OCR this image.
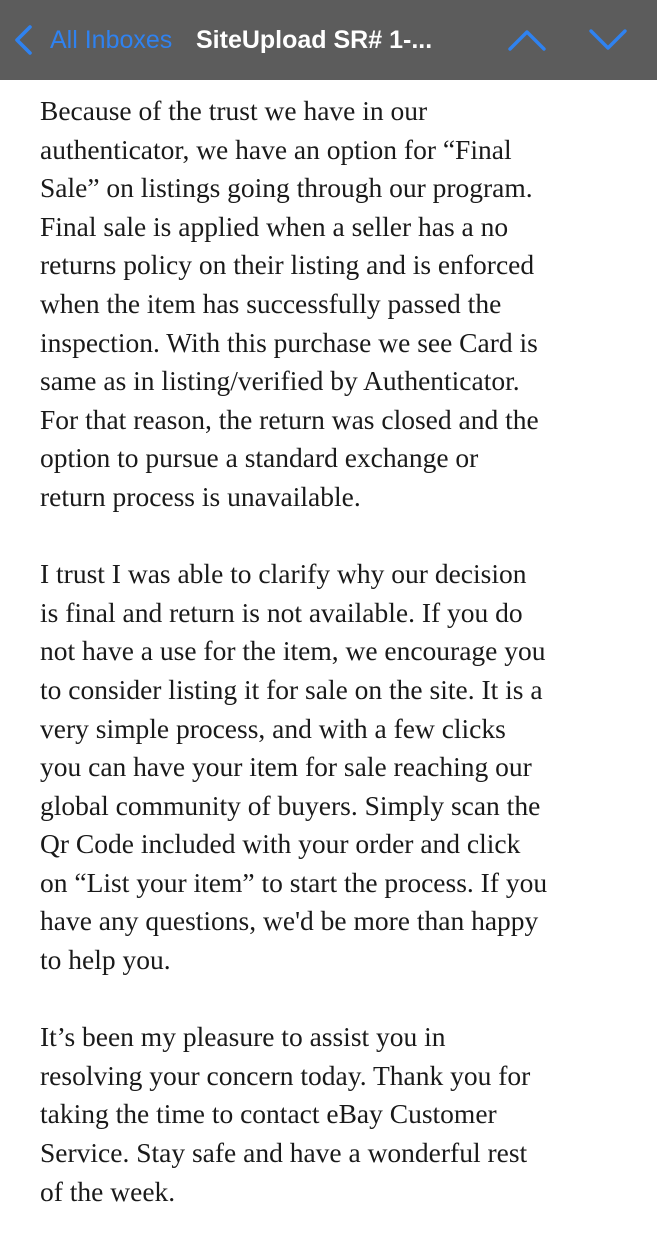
All Inboxes SiteUpload SR# 1-...

Because of the trust we have in our
authenticator, we have an option for “Final
Sale” on listings going through our program.
Final sale is applied when a seller has a no
returns policy on their listing and is enforced
when the item has successfully passed the
inspection. With this purchase we see Card is
same as in listing/verified by Authenticator.
For that reason, the return was closed and the
option to pursue a standard exchange or
return process is unavailable.

I trust I was able to clarify why our decision
is final and return is not available. If you do
not have a use for the item, we encourage you
to consider listing it for sale on the site. It is a
very simple process, and with a few clicks
you can have your item for sale reaching our
global community of buyers. Simply scan the
Qr Code included with your order and click
on “List your item” to start the process. If you
have any questions, we'd be more than happy
to help you.

It’s been my pleasure to assist you in
resolving your concern today. Thank you for
taking the time to contact eBay Customer
Service. Stay safe and have a wonderful rest
of the week.
